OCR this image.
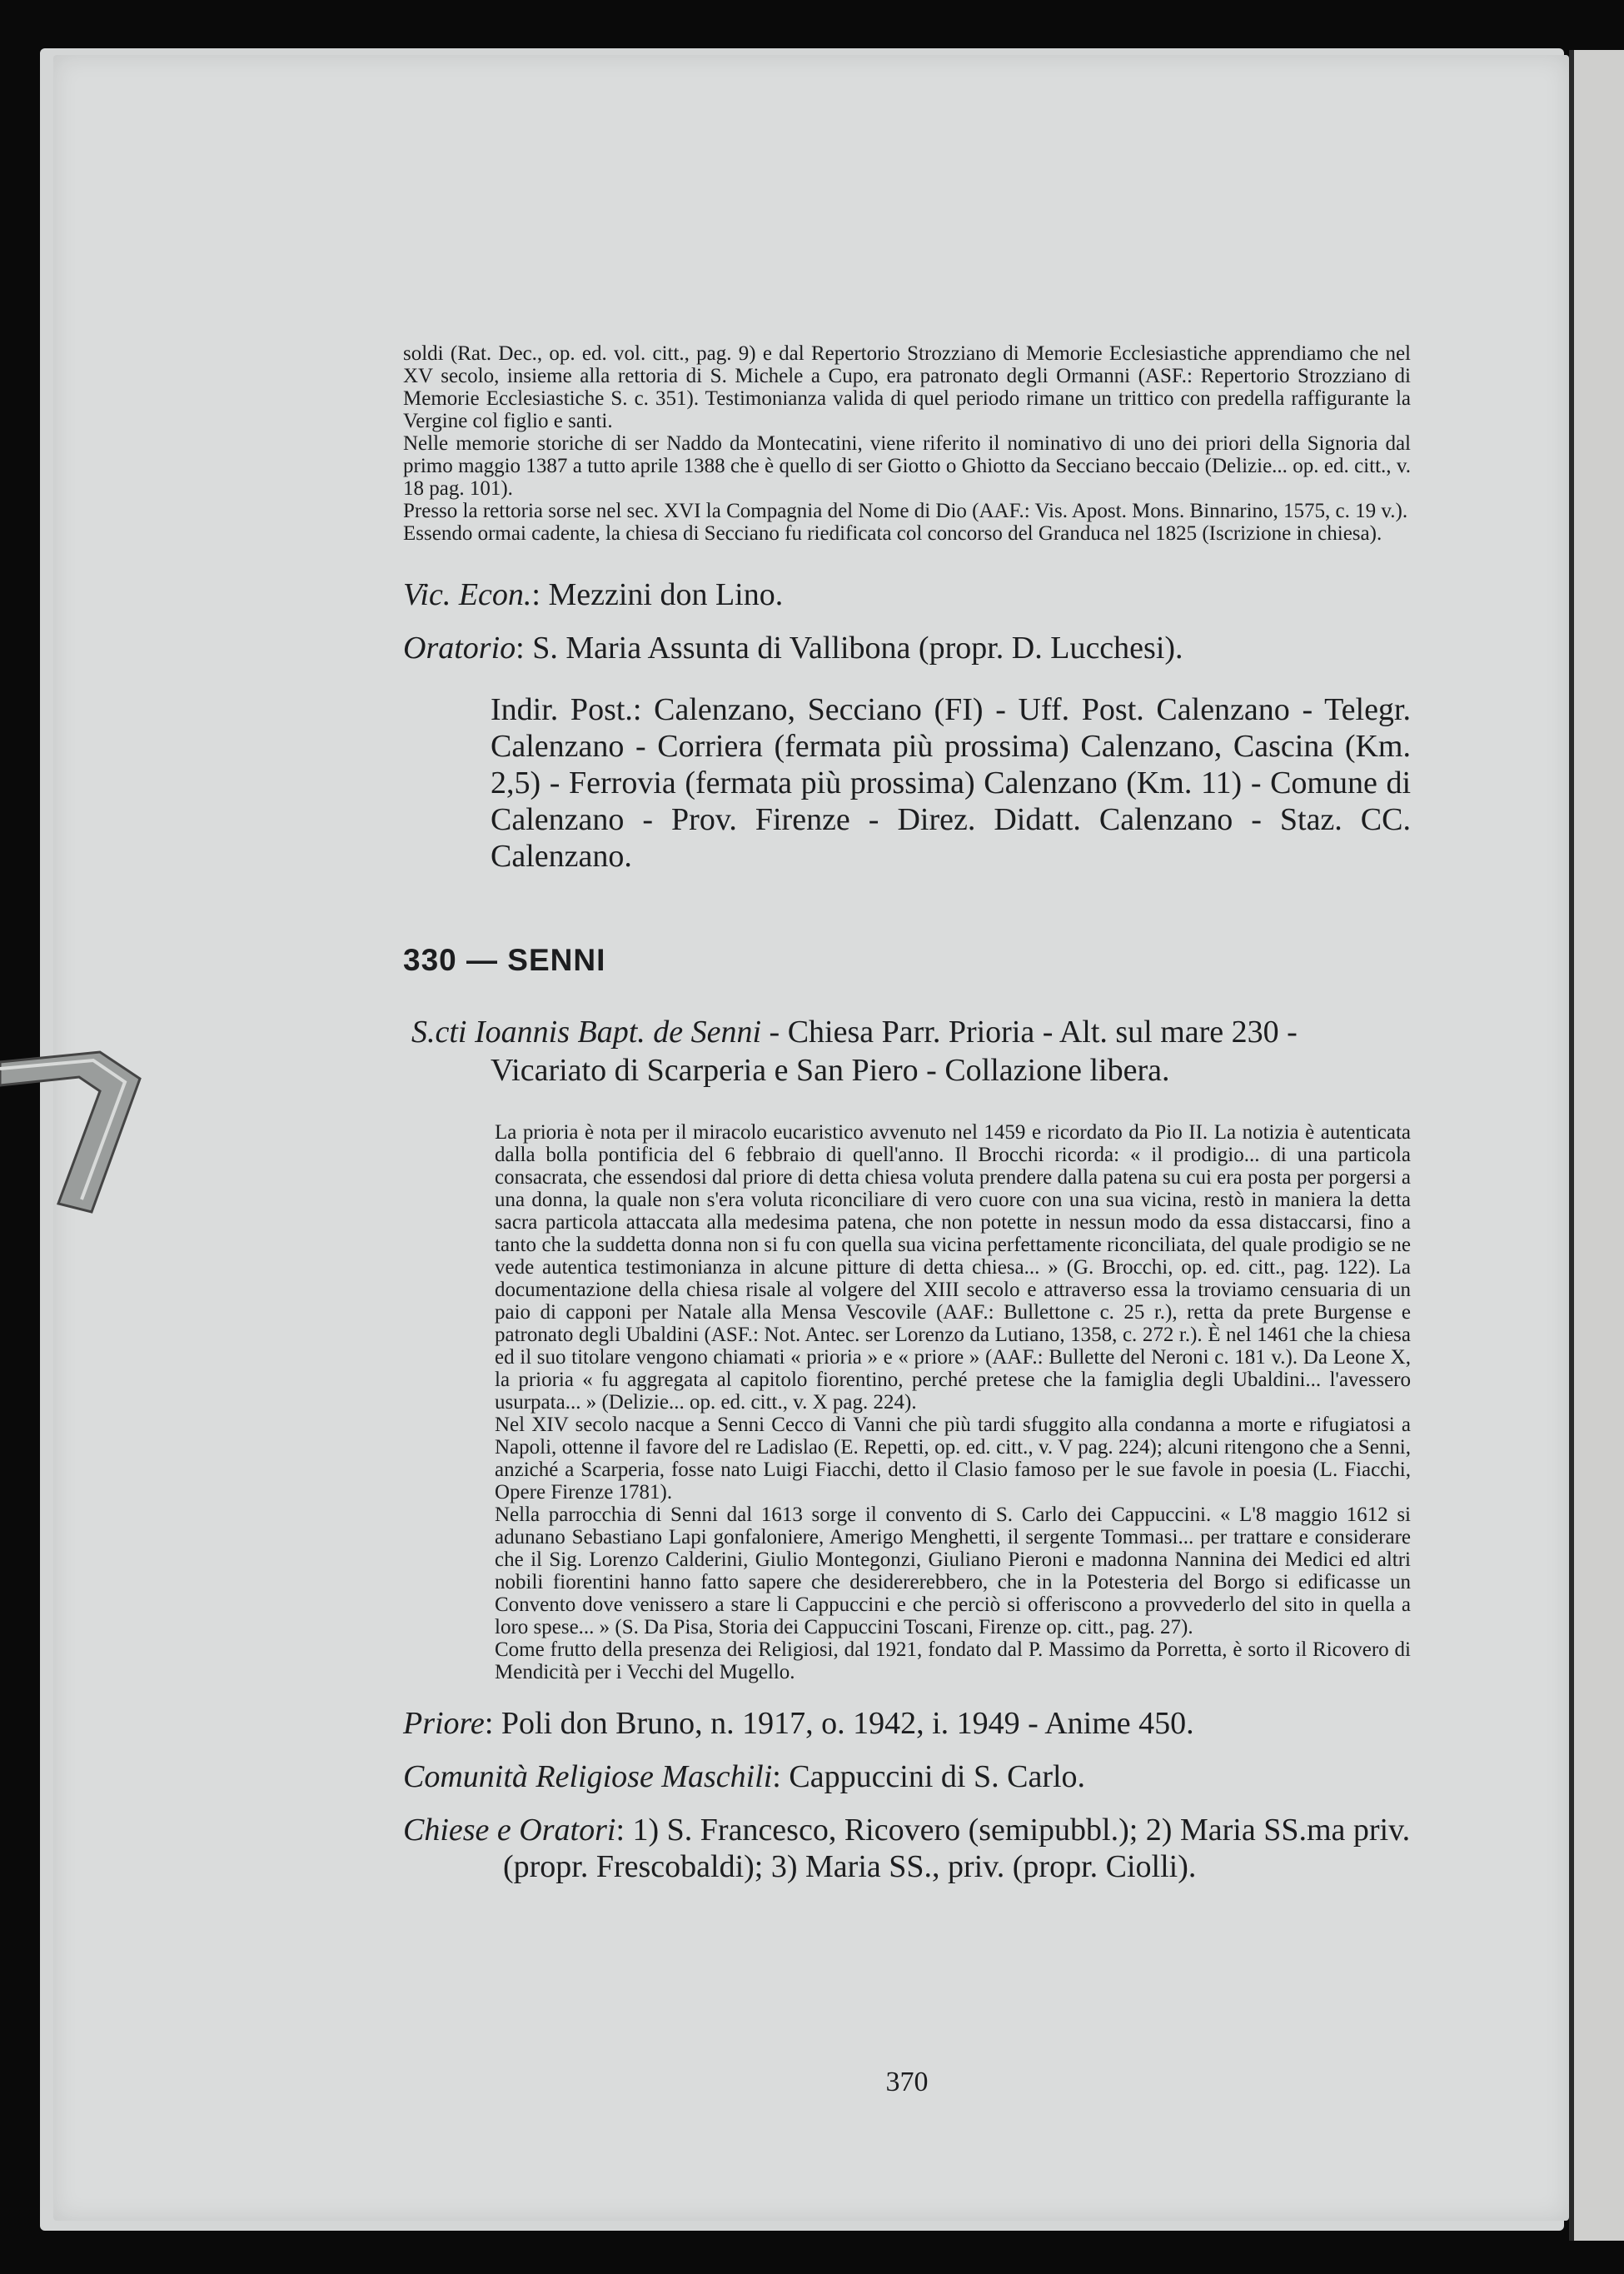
soldi (Rat. Dec., op. ed. vol. citt., pag. 9) e dal Repertorio Strozziano di Memorie Ecclesiastiche apprendiamo che nel XV secolo, insieme alla rettoria di S. Michele a Cupo, era patronato degli Ormanni (ASF.: Repertorio Strozziano di Memorie Ecclesiastiche S. c. 351). Testimonianza valida di quel periodo rimane un trittico con predella raffigurante la Vergine col figlio e santi.

Nelle memorie storiche di ser Naddo da Montecatini, viene riferito il nominativo di uno dei priori della Signoria dal primo maggio 1387 a tutto aprile 1388 che è quello di ser Giotto o Ghiotto da Secciano beccaio (Delizie... op. ed. citt., v. 18 pag. 101).

Presso la rettoria sorse nel sec. XVI la Compagnia del Nome di Dio (AAF.: Vis. Apost. Mons. Binnarino, 1575, c. 19 v.).

Essendo ormai cadente, la chiesa di Secciano fu riedificata col concorso del Granduca nel 1825 (Iscrizione in chiesa).

Vic. Econ.: Mezzini don Lino.

Oratorio: S. Maria Assunta di Vallibona (propr. D. Lucchesi).

Indir. Post.: Calenzano, Secciano (FI) - Uff. Post. Calenzano - Telegr. Calenzano - Corriera (fermata più prossima) Calenzano, Cascina (Km. 2,5) - Ferrovia (fermata più prossima) Calenzano (Km. 11) - Comune di Calenzano - Prov. Firenze - Direz. Didatt. Calenzano - Staz. CC. Calenzano.

330 — SENNI

S.cti Ioannis Bapt. de Senni - Chiesa Parr. Prioria - Alt. sul mare 230 - Vicariato di Scarperia e San Piero - Collazione libera.

La prioria è nota per il miracolo eucaristico avvenuto nel 1459 e ricordato da Pio II. La notizia è autenticata dalla bolla pontificia del 6 febbraio di quell'anno. Il Brocchi ricorda: « il prodigio... di una particola consacrata, che essendosi dal priore di detta chiesa voluta prendere dalla patena su cui era posta per porgersi a una donna, la quale non s'era voluta riconciliare di vero cuore con una sua vicina, restò in maniera la detta sacra particola attaccata alla medesima patena, che non potette in nessun modo da essa distaccarsi, fino a tanto che la suddetta donna non si fu con quella sua vicina perfettamente riconciliata, del quale prodigio se ne vede autentica testimonianza in alcune pitture di detta chiesa... » (G. Brocchi, op. ed. citt., pag. 122). La documentazione della chiesa risale al volgere del XIII secolo e attraverso essa la troviamo censuaria di un paio di capponi per Natale alla Mensa Vescovile (AAF.: Bullettone c. 25 r.), retta da prete Burgense e patronato degli Ubaldini (ASF.: Not. Antec. ser Lorenzo da Lutiano, 1358, c. 272 r.). È nel 1461 che la chiesa ed il suo titolare vengono chiamati « prioria » e « priore » (AAF.: Bullette del Neroni c. 181 v.). Da Leone X, la prioria « fu aggregata al capitolo fiorentino, perché pretese che la famiglia degli Ubaldini... l'avessero usurpata... » (Delizie... op. ed. citt., v. X pag. 224).

Nel XIV secolo nacque a Senni Cecco di Vanni che più tardi sfuggito alla condanna a morte e rifugiatosi a Napoli, ottenne il favore del re Ladislao (E. Repetti, op. ed. citt., v. V pag. 224); alcuni ritengono che a Senni, anziché a Scarperia, fosse nato Luigi Fiacchi, detto il Clasio famoso per le sue favole in poesia (L. Fiacchi, Opere Firenze 1781).

Nella parrocchia di Senni dal 1613 sorge il convento di S. Carlo dei Cappuccini. « L'8 maggio 1612 si adunano Sebastiano Lapi gonfaloniere, Amerigo Menghetti, il sergente Tommasi... per trattare e considerare che il Sig. Lorenzo Calderini, Giulio Montegonzi, Giuliano Pieroni e madonna Nannina dei Medici ed altri nobili fiorentini hanno fatto sapere che desidererebbero, che in la Potesteria del Borgo si edificasse un Convento dove venissero a stare li Cappuccini e che perciò si offeriscono a provvederlo del sito in quella a loro spese... » (S. Da Pisa, Storia dei Cappuccini Toscani, Firenze op. citt., pag. 27).

Come frutto della presenza dei Religiosi, dal 1921, fondato dal P. Massimo da Porretta, è sorto il Ricovero di Mendicità per i Vecchi del Mugello.

Priore: Poli don Bruno, n. 1917, o. 1942, i. 1949 - Anime 450.

Comunità Religiose Maschili: Cappuccini di S. Carlo.

Chiese e Oratori: 1) S. Francesco, Ricovero (semipubbl.); 2) Maria SS.ma priv. (propr. Frescobaldi); 3) Maria SS., priv. (propr. Ciolli).

370
